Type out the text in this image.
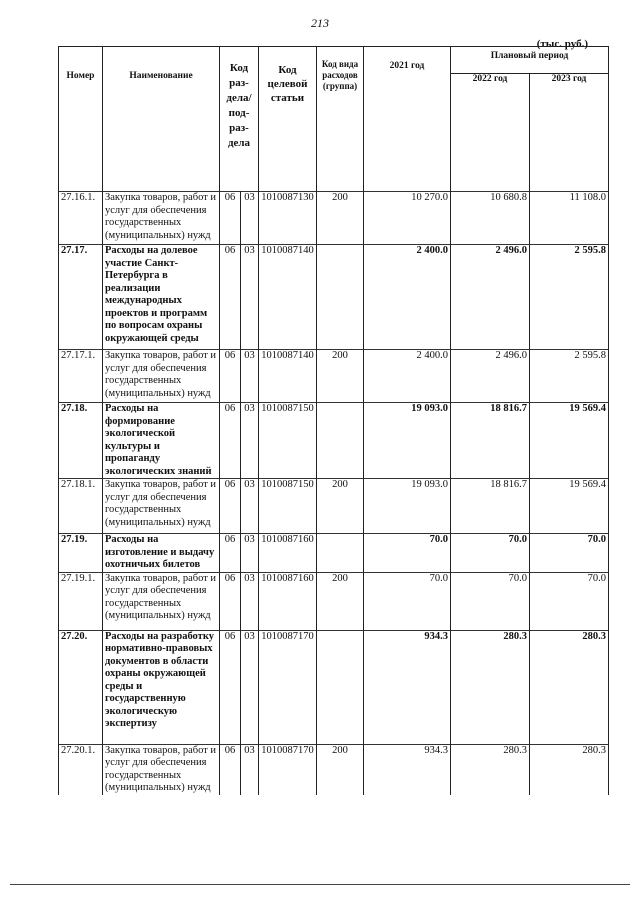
213
(тыс. руб.)
Номер	Наименование	Код раз- дела/ под- раз- дела		Код целевой статьи	Код вида расходов (группа)	2021 год	Плановый период	
							2022 год	2023 год
27.16.1.	Закупка товаров, работ и услуг для обеспечения государственных (муниципальных) нужд	06	03	1010087130	200	10 270.0	10 680.8	11 108.0
27.17.	Расходы на долевое участие Санкт-Петербурга в реализации международных проектов и программ по вопросам охраны окружающей среды	06	03	1010087140		2 400.0	2 496.0	2 595.8
27.17.1.	Закупка товаров, работ и услуг для обеспечения государственных (муниципальных) нужд	06	03	1010087140	200	2 400.0	2 496.0	2 595.8
27.18.	Расходы на формирование экологической культуры и пропаганду экологических знаний	06	03	1010087150		19 093.0	18 816.7	19 569.4
27.18.1.	Закупка товаров, работ и услуг для обеспечения государственных (муниципальных) нужд	06	03	1010087150	200	19 093.0	18 816.7	19 569.4
27.19.	Расходы на изготовление и выдачу охотничьих билетов	06	03	1010087160		70.0	70.0	70.0
27.19.1.	Закупка товаров, работ и услуг для обеспечения государственных (муниципальных) нужд	06	03	1010087160	200	70.0	70.0	70.0
27.20.	Расходы на разработку нормативно-правовых документов в области охраны окружающей среды и государственную экологическую экспертизу	06	03	1010087170		934.3	280.3	280.3
27.20.1.	Закупка товаров, работ и услуг для обеспечения государственных (муниципальных) нужд	06	03	1010087170	200	934.3	280.3	280.3
